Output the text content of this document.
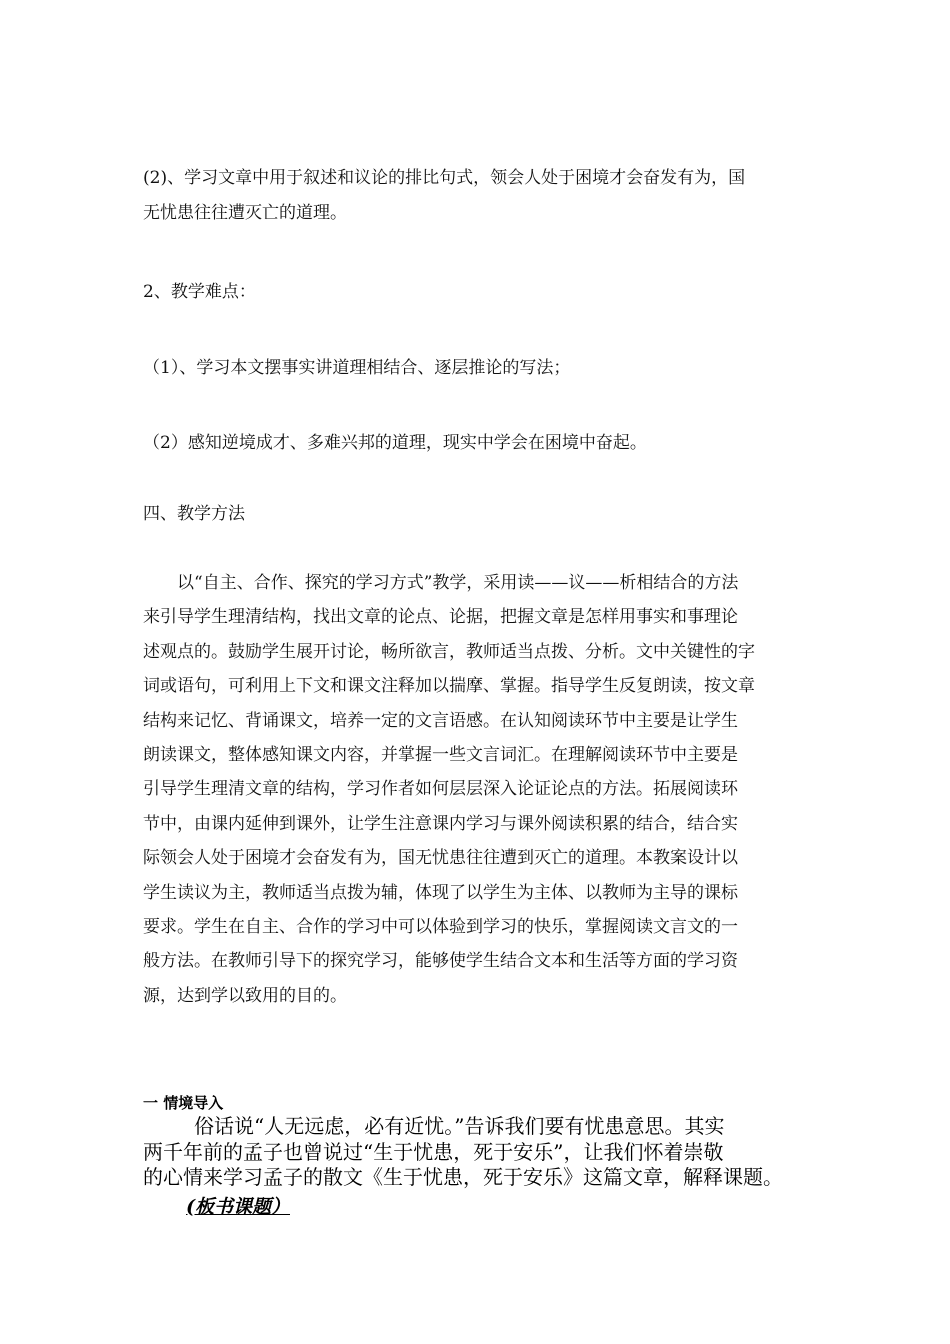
(2)、学习文章中用于叙述和议论的排比句式，领会人处于困境才会奋发有为，国
无忧患往往遭灭亡的道理。
2、教学难点：
（1）、学习本文摆事实讲道理相结合、逐层推论的写法；
（2）感知逆境成才、多难兴邦的道理，现实中学会在困境中奋起。
四、教学方法
以“自主、合作、探究的学习方式”教学，采用读——议——析相结合的方法
来引导学生理清结构，找出文章的论点、论据，把握文章是怎样用事实和事理论
述观点的。鼓励学生展开讨论，畅所欲言，教师适当点拨、分析。文中关键性的字
词或语句，可利用上下文和课文注释加以揣摩、掌握。指导学生反复朗读，按文章
结构来记忆、背诵课文，培养一定的文言语感。在认知阅读环节中主要是让学生
朗读课文，整体感知课文内容，并掌握一些文言词汇。在理解阅读环节中主要是
引导学生理清文章的结构，学习作者如何层层深入论证论点的方法。拓展阅读环
节中，由课内延伸到课外，让学生注意课内学习与课外阅读积累的结合，结合实
际领会人处于困境才会奋发有为，国无忧患往往遭到灭亡的道理。本教案设计以
学生读议为主，教师适当点拨为辅，体现了以学生为主体、以教师为主导的课标
要求。学生在自主、合作的学习中可以体验到学习的快乐，掌握阅读文言文的一
般方法。在教师引导下的探究学习，能够使学生结合文本和生活等方面的学习资
源，达到学以致用的目的。
一 情境导入
俗话说“人无远虑，必有近忧。”告诉我们要有忧患意思。其实
两千年前的孟子也曾说过“生于忧患，死于安乐”，让我们怀着崇敬
的心情来学习孟子的散文《生于忧患，死于安乐》这篇文章，解释课题。
(板书课题）
